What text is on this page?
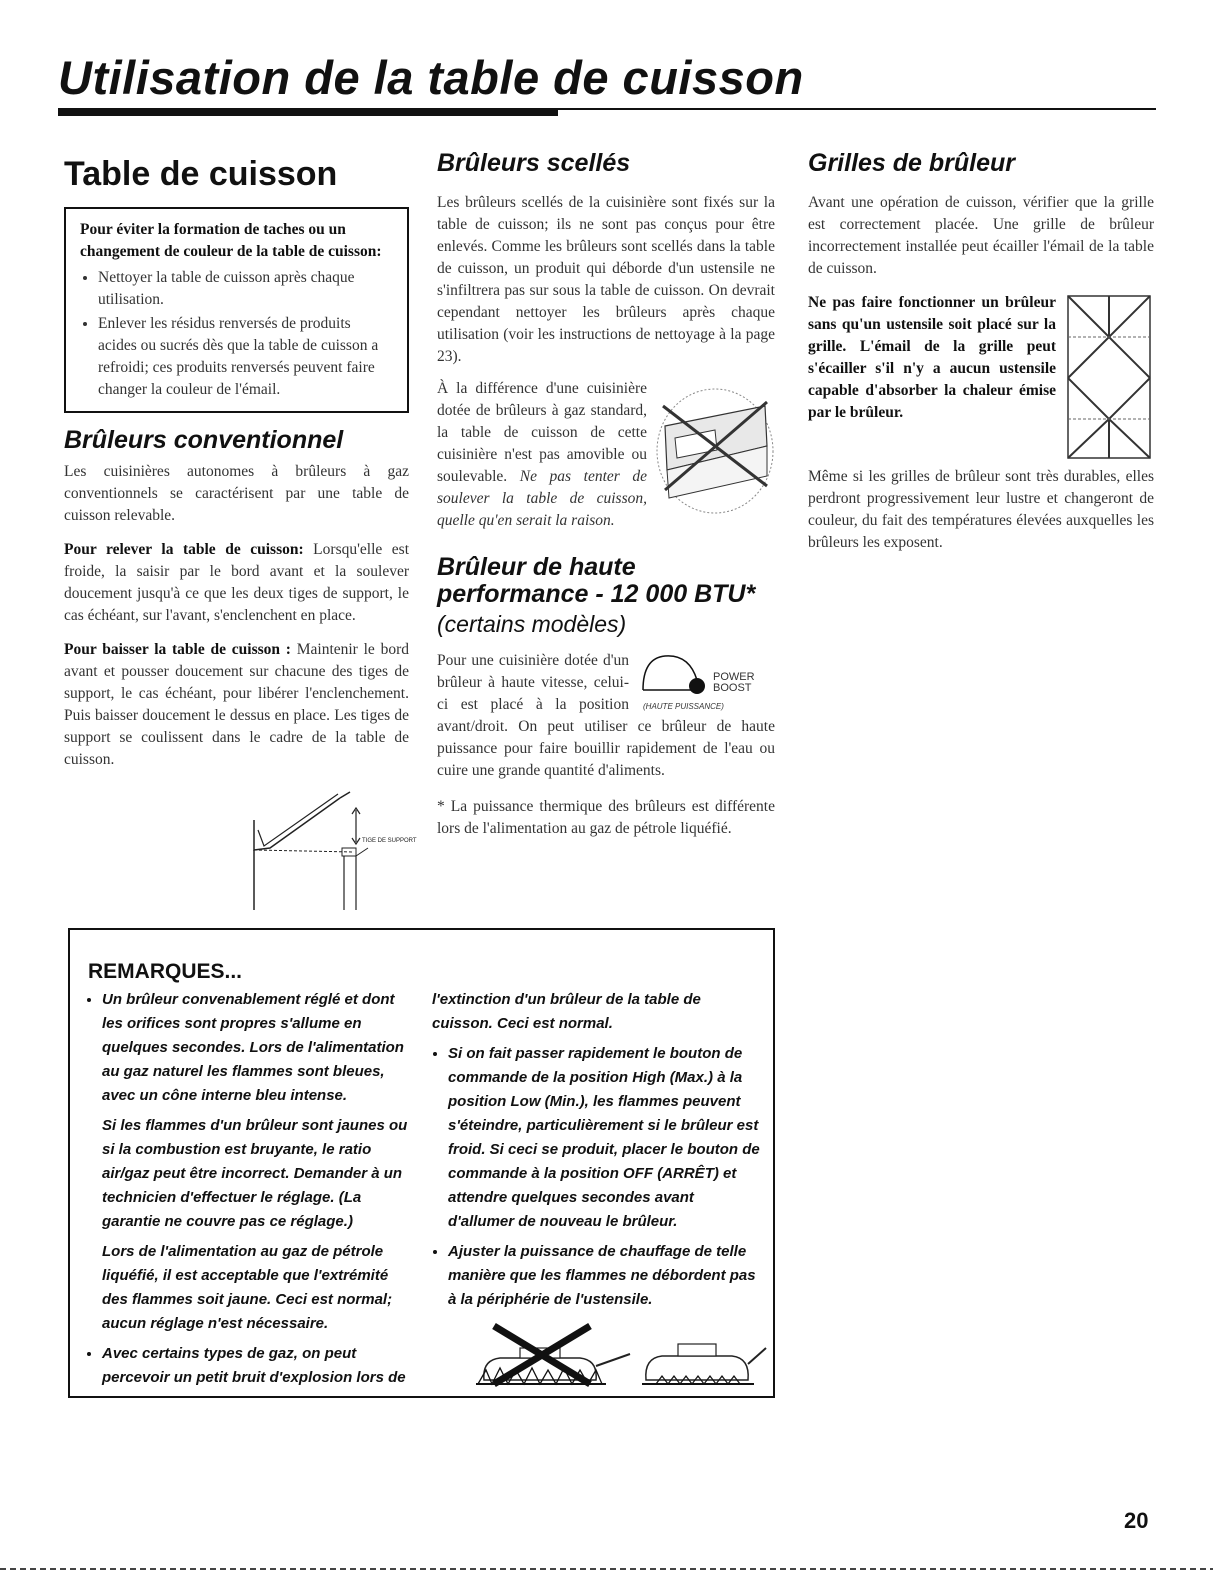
Utilisation de la table de cuisson
Table de cuisson

Pour éviter la formation de taches ou un changement de couleur de la table de cuisson:

• Nettoyer la table de cuisson après chaque utilisation.
• Enlever les résidus renversés de produits acides ou sucrés dès que la table de cuisson a refroidi; ces produits renversés peuvent faire changer la couleur de l'émail.
Brûleurs conventionnel

Les cuisinières autonomes à brûleurs à gaz conventionnels se caractérisent par une table de cuisson relevable.

Pour relever la table de cuisson: Lorsqu'elle est froide, la saisir par le bord avant et la soulever doucement jusqu'à ce que les deux tiges de support, le cas échéant, sur l'avant, s'enclenchent en place.

Pour baisser la table de cuisson : Maintenir le bord avant et pousser doucement sur chacune des tiges de support, le cas échéant, pour libérer l'enclenchement. Puis baisser doucement le dessus en place. Les tiges de support se coulissent dans le cadre de la table de cuisson.

TIGE DE SUPPORT
Brûleurs scellés

Les brûleurs scellés de la cuisinière sont fixés sur la table de cuisson; ils ne sont pas conçus pour être enlevés. Comme les brûleurs sont scellés dans la table de cuisson, un produit qui déborde d'un ustensile ne s'infiltrera pas sur sous la table de cuisson. On devrait cependant nettoyer les brûleurs après chaque utilisation (voir les instructions de nettoyage à la page 23).

À la différence d'une cuisinière dotée de brûleurs à gaz standard, la table de cuisson de cette cuisinière n'est pas amovible ou soulevable. Ne pas tenter de soulever la table de cuisson, quelle qu'en serait la raison.

Brûleur de haute performance - 12 000 BTU*

(certains modèles)

POWER
BOOST
(HAUTE PUISSANCE)

Pour une cuisinière dotée d'un brûleur à haute vitesse, celui-ci est placé à la position avant/droit. On peut utiliser ce brûleur de haute puissance pour faire bouillir rapidement de l'eau ou cuire une grande quantité d'aliments.

* La puissance thermique des brûleurs est différente lors de l'alimentation au gaz de pétrole liquéfié.

Grilles de brûleur

Avant une opération de cuisson, vérifier que la grille est correctement placée. Une grille de brûleur incorrectement installée peut écailler l'émail de la table de cuisson.

Ne pas faire fonctionner un brûleur sans qu'un ustensile soit placé sur la grille. L'émail de la grille peut s'écailler s'il n'y a aucun ustensile capable d'absorber la chaleur émise par le brûleur.

Même si les grilles de brûleur sont très durables, elles perdront progressivement leur lustre et changeront de couleur, du fait des températures élevées auxquelles les brûleurs les exposent.

REMARQUES...
• Un brûleur convenablement réglé et dont les orifices sont propres s'allume en quelques secondes. Lors de l'alimentation au gaz naturel les flammes sont bleues, avec un cône interne bleu intense.

Si les flammes d'un brûleur sont jaunes ou si la combustion est bruyante, le ratio air/gaz peut être incorrect. Demander à un technicien d'effectuer le réglage. (La garantie ne couvre pas ce réglage.)

Lors de l'alimentation au gaz de pétrole liquéfié, il est acceptable que l'extrémité des flammes soit jaune. Ceci est normal; aucun réglage n'est nécessaire.

• Avec certains types de gaz, on peut percevoir un petit bruit d'explosion lors de

l'extinction d'un brûleur de la table de cuisson. Ceci est normal.

• Si on fait passer rapidement le bouton de commande de la position High (Max.) à la position Low (Min.), les flammes peuvent s'éteindre, particulièrement si le brûleur est froid. Si ceci se produit, placer le bouton de commande à la position OFF (ARRÊT) et attendre quelques secondes avant d'allumer de nouveau le brûleur.
• Ajuster la puissance de chauffage de telle manière que les flammes ne débordent pas à la périphérie de l'ustensile.

20
